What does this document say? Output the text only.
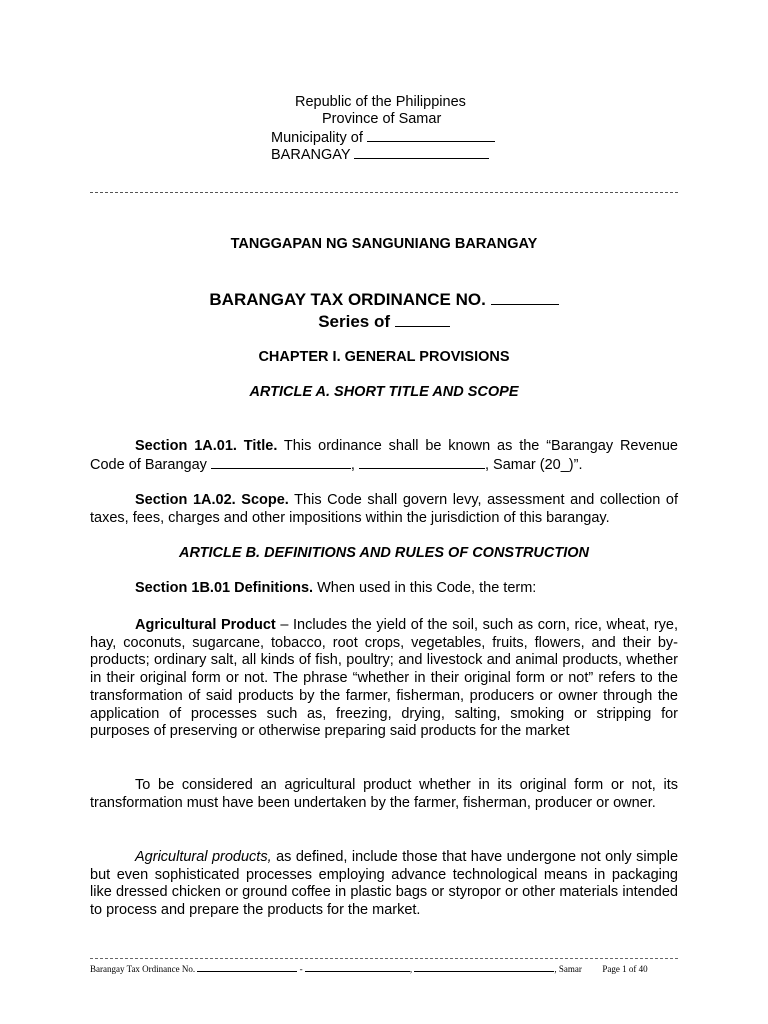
Republic of the Philippines
Province of Samar
Municipality of
BARANGAY
TANGGAPAN NG SANGUNIANG BARANGAY
BARANGAY TAX ORDINANCE NO.
Series of
CHAPTER I. GENERAL PROVISIONS
ARTICLE A. SHORT TITLE AND SCOPE

Section 1A.01. Title. This ordinance shall be known as the “Barangay Revenue Code of Barangay	,	, Samar (20_)”.

Section 1A.02. Scope. This Code shall govern levy, assessment and collection of taxes, fees, charges and other impositions within the jurisdiction of this barangay.

ARTICLE B. DEFINITIONS AND RULES OF CONSTRUCTION

Section 1B.01 Definitions. When used in this Code, the term:

Agricultural Product – Includes the yield of the soil, such as corn, rice, wheat, rye, hay, coconuts, sugarcane, tobacco, root crops, vegetables, fruits, flowers, and their by-products; ordinary salt, all kinds of fish, poultry; and livestock and animal products, whether in their original form or not. The phrase “whether in their original form or not” refers to the transformation of said products by the farmer, fisherman, producers or owner through the application of processes such as, freezing, drying, salting, smoking or stripping for purposes of preserving or otherwise preparing said products for the market

To be considered an agricultural product whether in its original form or not, its transformation must have been undertaken by the farmer, fisherman, producer or owner.

Agricultural products, as defined, include those that have undergone not only simple but even sophisticated processes employing advance technological means in packaging like dressed chicken or ground coffee in plastic bags or styropor or other materials intended to process and prepare the products for the market.

Barangay Tax Ordinance No.	-	,	, Samar Page 1 of 40
